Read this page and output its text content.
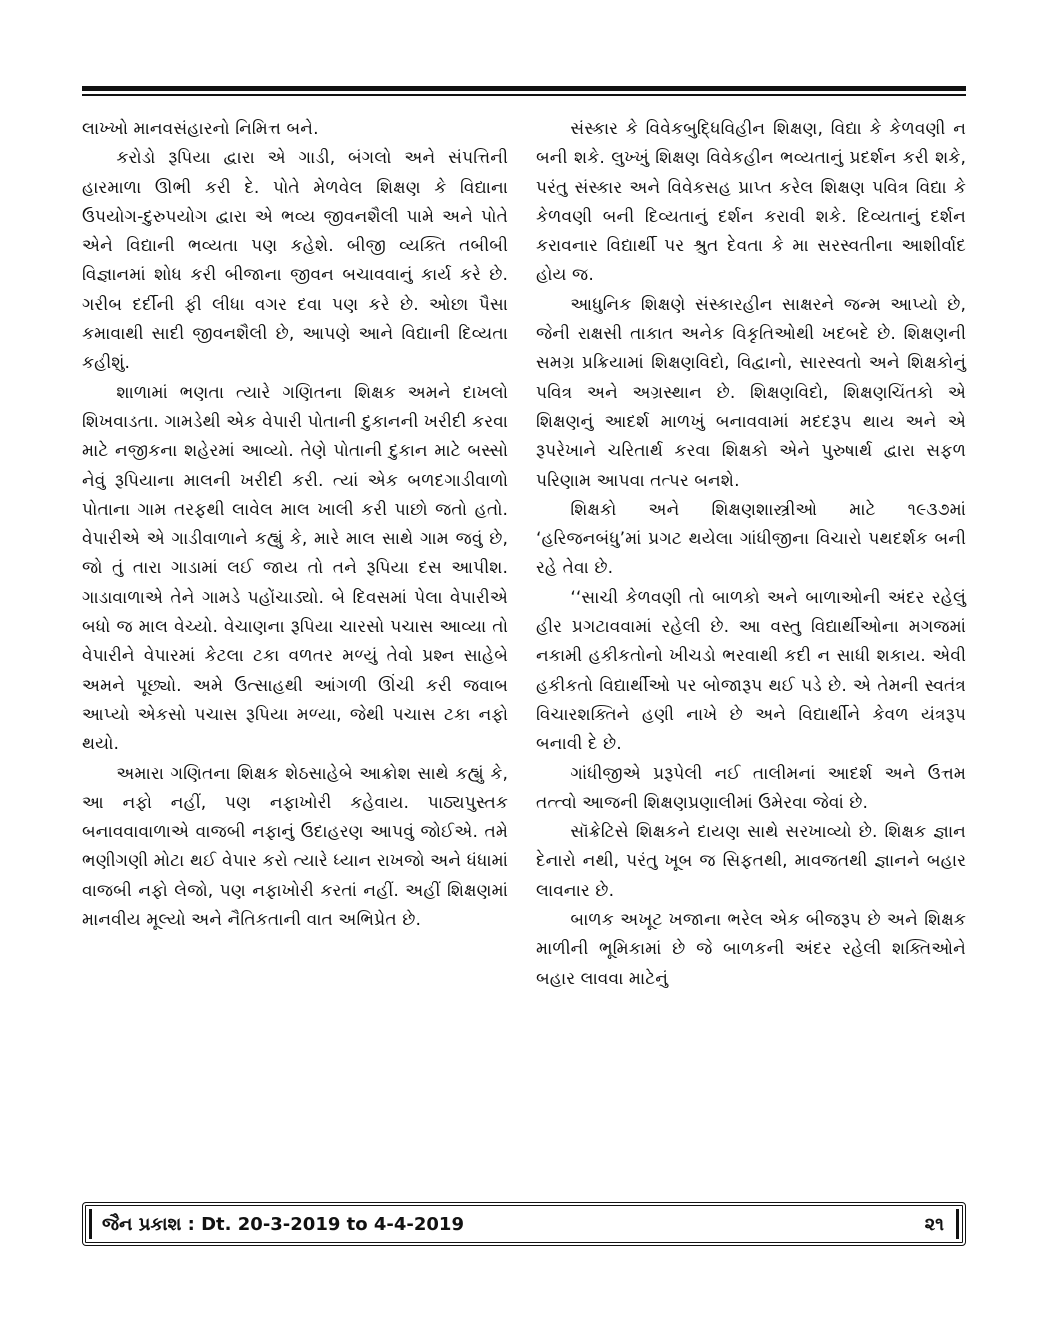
લાખ્ખો માનવસંહારનો નિમિત્ત બને.

કરોડો રૂપિયા દ્વારા એ ગાડી, બંગલો અને સંપત્તિની હારમાળા ઊભી કરી દે. પોતે મેળવેલ શિક્ષણ કે વિદ્યાના ઉપયોગ-દુરુપયોગ દ્વારા એ ભવ્ય જીવનશૈલી પામે અને પોતે એને વિદ્યાની ભવ્યતા પણ કહેશે. બીજી વ્યક્તિ તબીબી વિજ્ઞાનમાં શોધ કરી બીજાના જીવન બચાવવાનું કાર્ય કરે છે. ગરીબ દર્દીની ફી લીધા વગર દવા પણ કરે છે. ઓછા પૈસા કમાવાથી સાદી જીવનશૈલી છે, આપણે આને વિદ્યાની દિવ્યતા કહીશું.

શાળામાં ભણતા ત્યારે ગણિતના શિક્ષક અમને દાખલો શિખવાડતા. ગામડેથી એક વેપારી પોતાની દુકાનની ખરીદી કરવા માટે નજીકના શહેરમાં આવ્યો. તેણે પોતાની દુકાન માટે બસ્સો નેવું રૂપિયાના માલની ખરીદી કરી. ત્યાં એક બળદગાડીવાળો પોતાના ગામ તરફથી લાવેલ માલ ખાલી કરી પાછો જતો હતો. વેપારીએ એ ગાડીવાળાને કહ્યું કે, મારે માલ સાથે ગામ જવું છે, જો તું તારા ગાડામાં લઈ જાય તો તને રૂપિયા દસ આપીશ. ગાડાવાળાએ તેને ગામડે પહોંચાડ્યો. બે દિવસમાં પેલા વેપારીએ બધો જ માલ વેચ્યો. વેચાણના રૂપિયા ચારસો પચાસ આવ્યા તો વેપારીને વેપારમાં કેટલા ટકા વળતર મળ્યું તેવો પ્રશ્ન સાહેબે અમને પૂછ્યો. અમે ઉત્સાહથી આંગળી ઊંચી કરી જવાબ આપ્યો એકસો પચાસ રૂપિયા મળ્યા, જેથી પચાસ ટકા નફો થયો.

અમારા ગણિતના શિક્ષક શેઠસાહેબે આક્રોશ સાથે કહ્યું કે, આ નફો નહીં, પણ નફાખોરી કહેવાય. પાઠ્યપુસ્તક બનાવવાવાળાએ વાજબી નફાનું ઉદાહરણ આપવું જોઈએ. તમે ભણીગણી મોટા થઈ વેપાર કરો ત્યારે ધ્યાન રાખજો અને ધંધામાં વાજબી નફો લેજો, પણ નફાખોરી કરતાં નહીં. અહીં શિક્ષણમાં માનવીય મૂલ્યો અને નૈતિકતાની વાત અભિપ્રેત છે.

સંસ્કાર કે વિવેકબુદ્ધિવિહીન શિક્ષણ, વિદ્યા કે કેળવણી ન બની શકે. લુખ્ખું શિક્ષણ વિવેકહીન ભવ્યતાનું પ્રદર્શન કરી શકે, પરંતુ સંસ્કાર અને વિવેકસહ પ્રાપ્ત કરેલ શિક્ષણ પવિત્ર વિદ્યા કે કેળવણી બની દિવ્યતાનું દર્શન કરાવી શકે. દિવ્યતાનું દર્શન કરાવનાર વિદ્યાર્થી પર શ્રુત દેવતા કે મા સરસ્વતીના આશીર્વાદ હોય જ.

આધુનિક શિક્ષણે સંસ્કારહીન સાક્ષરને જન્મ આપ્યો છે, જેની રાક્ષસી તાકાત અનેક વિકૃતિઓથી ખદબદે છે. શિક્ષણની સમગ્ર પ્રક્રિયામાં શિક્ષણવિદો, વિદ્વાનો, સારસ્વતો અને શિક્ષકોનું પવિત્ર અને અગ્રસ્થાન છે. શિક્ષણવિદો, શિક્ષણચિંતકો એ શિક્ષણનું આદર્શ માળખું બનાવવામાં મદદરૂપ થાય અને એ રૂપરેખાને ચરિતાર્થ કરવા શિક્ષકો એને પુરુષાર્થ દ્વારા સફળ પરિણામ આપવા તત્પર બનશે.

શિક્ષકો અને શિક્ષણશાસ્ત્રીઓ માટે ૧૯૩૭માં ‘હરિજનબંધુ’માં પ્રગટ થયેલા ગાંધીજીના વિચારો પથદર્શક બની રહે તેવા છે.

‘‘સાચી કેળવણી તો બાળકો અને બાળાઓની અંદર રહેલું હીર પ્રગટાવવામાં રહેલી છે. આ વસ્તુ વિદ્યાર્થીઓના મગજમાં નકામી હકીકતોનો ખીચડો ભરવાથી કદી ન સાધી શકાય. એવી હકીકતો વિદ્યાર્થીઓ પર બોજારૂપ થઈ પડે છે. એ તેમની સ્વતંત્ર વિચારશક્તિને હણી નાખે છે અને વિદ્યાર્થીને કેવળ યંત્રરૂપ બનાવી દે છે.

ગાંધીજીએ પ્રરૂપેલી નઈ તાલીમનાં આદર્શ અને ઉત્તમ તત્ત્વો આજની શિક્ષણપ્રણાલીમાં ઉમેરવા જેવાં છે.

સૉક્રેટિસે શિક્ષકને દાયણ સાથે સરખાવ્યો છે. શિક્ષક જ્ઞાન દેનારો નથી, પરંતુ ખૂબ જ સિફતથી, માવજતથી જ્ઞાનને બહાર લાવનાર છે.

બાળક અખૂટ ખજાના ભરેલ એક બીજરૂપ છે અને શિક્ષક માળીની ભૂમિકામાં છે જે બાળકની અંદર રહેલી શક્તિઓને બહાર લાવવા માટેનું

જૈન પ્રકાશ : Dt. 20-3-2019 to 4-4-2019	૨૧
